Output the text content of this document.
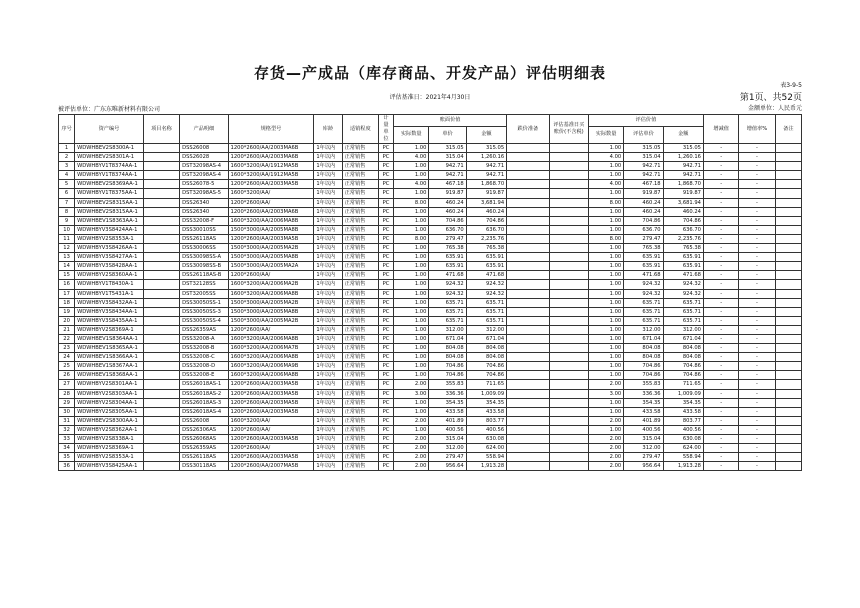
存货—产成品（库存商品、开发产品）评估明细表
表3-9-5
评估基准日：2021年4月30日	第1页、共52页
金额单位：人民币元
被评估单位：广东东唯新材料有限公司
序号	资产编号	项目名称	产品明细	规格型号	库龄	适销程度	计量单位	账面价值			跌价准备	评估基准日买账价(不含税)	评估价值			增减值	增值率%	备注
								实际数量	单价	金额			实际数量	评估单价	金额			
1	WDWHBEV2S8300A-1		DSS26008	1200*2600/AA/2003MA6B	1年以内	正常销售	PC	1.00	315.05	315.05			1.00	315.05	315.05	-	-	
2	WDWHBEV2S8301A-1		DSS26028	1200*2600/AA/2003MA6B	1年以内	正常销售	PC	4.00	315.04	1,260.16			4.00	315.04	1,260.16	-	-	
3	WDWHBYV1T8374AA-1		DST32098AS-4	1600*3200/AA/1912MA5B	1年以内	正常销售	PC	1.00	942.71	942.71			1.00	942.71	942.71	-	-	
4	WDWHBYV1T8374AA-1		DST32098AS-4	1600*3200/AA/1912MA5B	1年以内	正常销售	PC	1.00	942.71	942.71			1.00	942.71	942.71	-	-	
5	WDWHBEV2S8369AA-1		DSS26078-5	1200*2600/AA/2003MA5B	1年以内	正常销售	PC	4.00	467.18	1,868.70			4.00	467.18	1,868.70	-	-	
6	WDWHBYV1T8375AA-1		DST32098AS-5	1600*3200/AA/	1年以内	正常销售	PC	1.00	919.87	919.87			1.00	919.87	919.87	-	-	
7	WDWHBEV2S8315AA-1		DSS26340	1200*2600/AA/	1年以内	正常销售	PC	8.00	460.24	3,681.94			8.00	460.24	3,681.94	-	-	
8	WDWHBEV2S8315AA-1		DSS26340	1200*2600/AA/2003MA6B	1年以内	正常销售	PC	1.00	460.24	460.24			1.00	460.24	460.24	-	-	
9	WDWHBEV1S8363AA-1		DSS32008-F	1600*3200/AA/2006MA8B	1年以内	正常销售	PC	1.00	704.86	704.86			1.00	704.86	704.86	-	-	
10	WDWHBYV3S8424AA-1		DSS30010SS	1500*3000/AA/2005MA8B	1年以内	正常销售	PC	1.00	636.70	636.70			1.00	636.70	636.70	-	-	
11	WDWHBYV2S8353A-1		DSS26118AS	1200*2600/AA/2003MA5B	1年以内	正常销售	PC	8.00	279.47	2,235.76			8.00	279.47	2,235.76	-	-	
12	WDWHBYV3S8426AA-1		DSS30006SS	1500*3000/AA/2005MA2B	1年以内	正常销售	PC	1.00	765.38	765.38			1.00	765.38	765.38	-	-	
13	WDWHBYV3S8427AA-1		DSS30098SS-A	1500*3000/AA/2005MA8B	1年以内	正常销售	PC	1.00	635.91	635.91			1.00	635.91	635.91	-	-	
14	WDWHBYV3S8428AA-1		DSS30098SS-B	1500*3000/AA/2005MA2A	1年以内	正常销售	PC	1.00	635.91	635.91			1.00	635.91	635.91	-	-	
15	WDWHBYV2S8360AA-1		DSS26118AS-B	1200*2600/AA/	1年以内	正常销售	PC	1.00	471.68	471.68			1.00	471.68	471.68	-	-	
16	WDWHBYV1T8430A-1		DST32128SS	1600*3200/AA/2006MA2B	1年以内	正常销售	PC	1.00	924.32	924.32			1.00	924.32	924.32	-	-	
17	WDWHBYV1T5431A-1		DST32005SS	1600*3200/AA/2006MA8B	1年以内	正常销售	PC	1.00	924.32	924.32			1.00	924.32	924.32	-	-	
18	WDWHBYV3S8432AA-1		DSS30050SS-1	1500*3000/AA/2005MA2B	1年以内	正常销售	PC	1.00	635.71	635.71			1.00	635.71	635.71	-	-	
19	WDWHBYV3S8434AA-1		DSS30050SS-3	1500*3000/AA/2005MA8B	1年以内	正常销售	PC	1.00	635.71	635.71			1.00	635.71	635.71	-	-	
20	WDWHBYV3S8435AA-1		DSS30050SS-4	1500*3000/AA/2005MA2B	1年以内	正常销售	PC	1.00	635.71	635.71			1.00	635.71	635.71	-	-	
21	WDWHBYV2S8369A-1		DSS26359AS	1200*2600/AA/	1年以内	正常销售	PC	1.00	312.00	312.00			1.00	312.00	312.00	-	-	
22	WDWHBEV1S8364AA-1		DSS32008-A	1600*3200/AA/2006MA8B	1年以内	正常销售	PC	1.00	671.04	671.04			1.00	671.04	671.04	-	-	
23	WDWHBEV1S8365AA-1		DSS32008-B	1600*3200/AA/2006MA7B	1年以内	正常销售	PC	1.00	804.08	804.08			1.00	804.08	804.08	-	-	
24	WDWHBEV1S8366AA-1		DSS32008-C	1600*3200/AA/2006MA8B	1年以内	正常销售	PC	1.00	804.08	804.08			1.00	804.08	804.08	-	-	
25	WDWHBEV1S8367AA-1		DSS32008-D	1600*3200/AA/2006MA9B	1年以内	正常销售	PC	1.00	704.86	704.86			1.00	704.86	704.86	-	-	
26	WDWHBEV1S8368AA-1		DSS32008-E	1600*3200/AA/2006MA8B	1年以内	正常销售	PC	1.00	704.86	704.86			1.00	704.86	704.86	-	-	
27	WDWHBYV2S8301AA-1		DSS26018AS-1	1200*2600/AA/2003MA5B	1年以内	正常销售	PC	2.00	355.83	711.65			2.00	355.83	711.65	-	-	
28	WDWHBYV2S8303AA-1		DSS26018AS-2	1200*2600/AA/2003MA5B	1年以内	正常销售	PC	3.00	336.36	1,009.09			3.00	336.36	1,009.09	-	-	
29	WDWHBYV2S8304AA-1		DSS26018AS-3	1200*2600/AA/2003MA5B	1年以内	正常销售	PC	1.00	354.35	354.35			1.00	354.35	354.35	-	-	
30	WDWHBYV2S8305AA-1		DSS26018AS-4	1200*2600/AA/2003MA5B	1年以内	正常销售	PC	1.00	433.58	433.58			1.00	433.58	433.58	-	-	
31	WDWHBEV2S8300AA-1		DSS26008	1600*3200/AA/	1年以内	正常销售	PC	2.00	401.89	803.77			2.00	401.89	803.77	-	-	
32	WDWHBYV2S8362AA-1		DSS26306AS	1200*2600/AA/	1年以内	正常销售	PC	1.00	400.56	400.56			1.00	400.56	400.56	-	-	
33	WDWHBYV2S8338A-1		DSS26068AS	1200*2600/AA/2003MA5B	1年以内	正常销售	PC	2.00	315.04	630.08			2.00	315.04	630.08	-	-	
34	WDWHBYV2S8369A-1		DSS26359AS	1200*2600/AA/	1年以内	正常销售	PC	2.00	312.00	624.00			2.00	312.00	624.00	-	-	
35	WDWHBYV2S8353A-1		DSS26118AS	1200*2600/AA/2003MA5B	1年以内	正常销售	PC	2.00	279.47	558.94			2.00	279.47	558.94	-	-	
36	WDWHBYV3S8425AA-1		DSS30118AS	1200*2600/AA/2007MA5B	1年以内	正常销售	PC	2.00	956.64	1,913.28			2.00	956.64	1,913.28	-	-	
